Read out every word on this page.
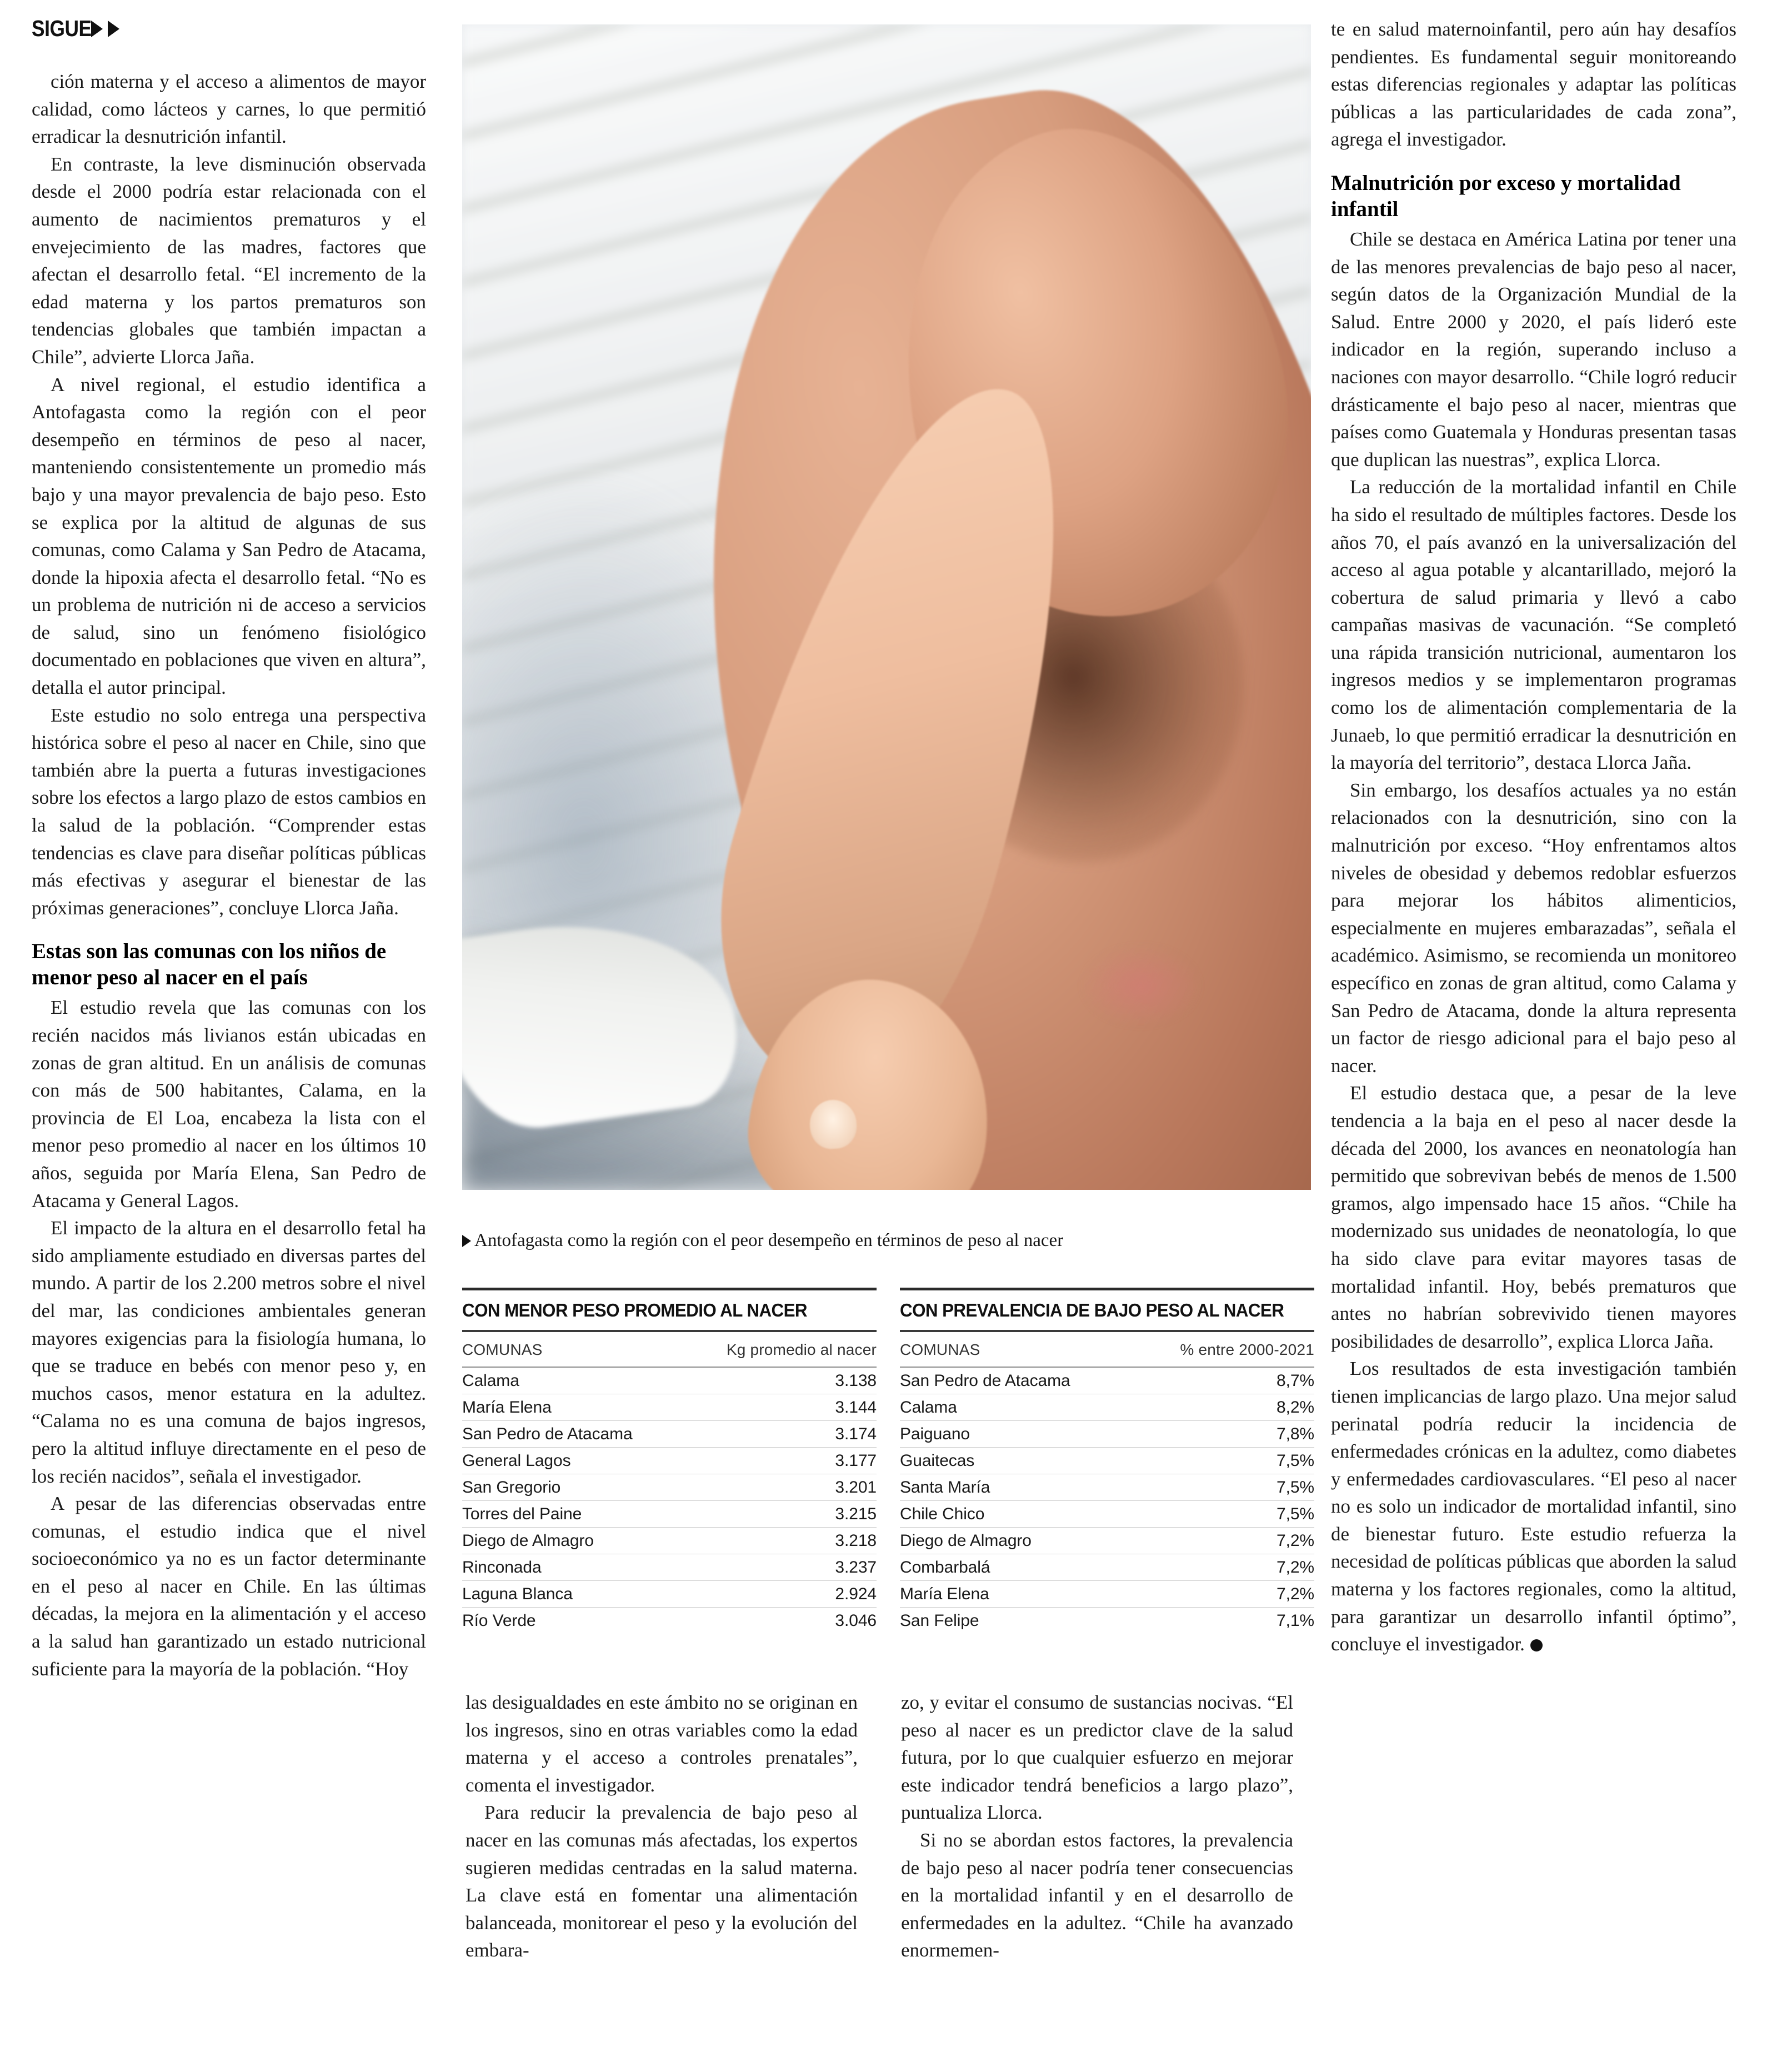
SIGUE

ción materna y el acceso a alimentos de mayor calidad, como lácteos y carnes, lo que permitió erradicar la desnutrición infantil.

En contraste, la leve disminución observada desde el 2000 podría estar relacionada con el aumento de nacimientos prematuros y el envejecimiento de las madres, factores que afectan el desarrollo fetal. “El incremento de la edad materna y los partos prematuros son tendencias globales que también impactan a Chile”, advierte Llorca Jaña.

A nivel regional, el estudio identifica a Antofagasta como la región con el peor desempeño en términos de peso al nacer, manteniendo consistentemente un promedio más bajo y una mayor prevalencia de bajo peso. Esto se explica por la altitud de algunas de sus comunas, como Calama y San Pedro de Atacama, donde la hipoxia afecta el desarrollo fetal. “No es un problema de nutrición ni de acceso a servicios de salud, sino un fenómeno fisiológico documentado en poblaciones que viven en altura”, detalla el autor principal.

Este estudio no solo entrega una perspectiva histórica sobre el peso al nacer en Chile, sino que también abre la puerta a futuras investigaciones sobre los efectos a largo plazo de estos cambios en la salud de la población. “Comprender estas tendencias es clave para diseñar políticas públicas más efectivas y asegurar el bienestar de las próximas generaciones”, concluye Llorca Jaña.

Estas son las comunas con los niños de menor peso al nacer en el país

El estudio revela que las comunas con los recién nacidos más livianos están ubicadas en zonas de gran altitud. En un análisis de comunas con más de 500 habitantes, Calama, en la provincia de El Loa, encabeza la lista con el menor peso promedio al nacer en los últimos 10 años, seguida por María Elena, San Pedro de Atacama y General Lagos.

El impacto de la altura en el desarrollo fetal ha sido ampliamente estudiado en diversas partes del mundo. A partir de los 2.200 metros sobre el nivel del mar, las condiciones ambientales generan mayores exigencias para la fisiología humana, lo que se traduce en bebés con menor peso y, en muchos casos, menor estatura en la adultez. “Calama no es una comuna de bajos ingresos, pero la altitud influye directamente en el peso de los recién nacidos”, señala el investigador.

A pesar de las diferencias observadas entre comunas, el estudio indica que el nivel socioeconómico ya no es un factor determinante en el peso al nacer en Chile. En las últimas décadas, la mejora en la alimentación y el acceso a la salud han garantizado un estado nutricional suficiente para la mayoría de la población. “Hoy

Antofagasta como la región con el peor desempeño en términos de peso al nacer
CON MENOR PESO PROMEDIO AL NACER
COMUNAS	Kg promedio al nacer
Calama	3.138
María Elena	3.144
San Pedro de Atacama	3.174
General Lagos	3.177
San Gregorio	3.201
Torres del Paine	3.215
Diego de Almagro	3.218
Rinconada	3.237
Laguna Blanca	2.924
Río Verde	3.046
CON PREVALENCIA DE BAJO PESO AL NACER
COMUNAS	% entre 2000-2021
San Pedro de Atacama	8,7%
Calama	8,2%
Paiguano	7,8%
Guaitecas	7,5%
Santa María	7,5%
Chile Chico	7,5%
Diego de Almagro	7,2%
Combarbalá	7,2%
María Elena	7,2%
San Felipe	7,1%

las desigualdades en este ámbito no se originan en los ingresos, sino en otras variables como la edad materna y el acceso a controles prenatales”, comenta el investigador.

Para reducir la prevalencia de bajo peso al nacer en las comunas más afectadas, los expertos sugieren medidas centradas en la salud materna. La clave está en fomentar una alimentación balanceada, monitorear el peso y la evolución del embara-

zo, y evitar el consumo de sustancias nocivas. “El peso al nacer es un predictor clave de la salud futura, por lo que cualquier esfuerzo en mejorar este indicador tendrá beneficios a largo plazo”, puntualiza Llorca.

Si no se abordan estos factores, la prevalencia de bajo peso al nacer podría tener consecuencias en la mortalidad infantil y en el desarrollo de enfermedades en la adultez. “Chile ha avanzado enormemen-

te en salud maternoinfantil, pero aún hay desafíos pendientes. Es fundamental seguir monitoreando estas diferencias regionales y adaptar las políticas públicas a las particularidades de cada zona”, agrega el investigador.

Malnutrición por exceso y mortalidad infantil

Chile se destaca en América Latina por tener una de las menores prevalencias de bajo peso al nacer, según datos de la Organización Mundial de la Salud. Entre 2000 y 2020, el país lideró este indicador en la región, superando incluso a naciones con mayor desarrollo. “Chile logró reducir drásticamente el bajo peso al nacer, mientras que países como Guatemala y Honduras presentan tasas que duplican las nuestras”, explica Llorca.

La reducción de la mortalidad infantil en Chile ha sido el resultado de múltiples factores. Desde los años 70, el país avanzó en la universalización del acceso al agua potable y alcantarillado, mejoró la cobertura de salud primaria y llevó a cabo campañas masivas de vacunación. “Se completó una rápida transición nutricional, aumentaron los ingresos medios y se implementaron programas como los de alimentación complementaria de la Junaeb, lo que permitió erradicar la desnutrición en la mayoría del territorio”, destaca Llorca Jaña.

Sin embargo, los desafíos actuales ya no están relacionados con la desnutrición, sino con la malnutrición por exceso. “Hoy enfrentamos altos niveles de obesidad y debemos redoblar esfuerzos para mejorar los hábitos alimenticios, especialmente en mujeres embarazadas”, señala el académico. Asimismo, se recomienda un monitoreo específico en zonas de gran altitud, como Calama y San Pedro de Atacama, donde la altura representa un factor de riesgo adicional para el bajo peso al nacer.

El estudio destaca que, a pesar de la leve tendencia a la baja en el peso al nacer desde la década del 2000, los avances en neonatología han permitido que sobrevivan bebés de menos de 1.500 gramos, algo impensado hace 15 años. “Chile ha modernizado sus unidades de neonatología, lo que ha sido clave para evitar mayores tasas de mortalidad infantil. Hoy, bebés prematuros que antes no habrían sobrevivido tienen mayores posibilidades de desarrollo”, explica Llorca Jaña.

Los resultados de esta investigación también tienen implicancias de largo plazo. Una mejor salud perinatal podría reducir la incidencia de enfermedades crónicas en la adultez, como diabetes y enfermedades cardiovasculares. “El peso al nacer no es solo un indicador de mortalidad infantil, sino de bienestar futuro. Este estudio refuerza la necesidad de políticas públicas que aborden la salud materna y los factores regionales, como la altitud, para garantizar un desarrollo infantil óptimo”, concluye el investigador.
